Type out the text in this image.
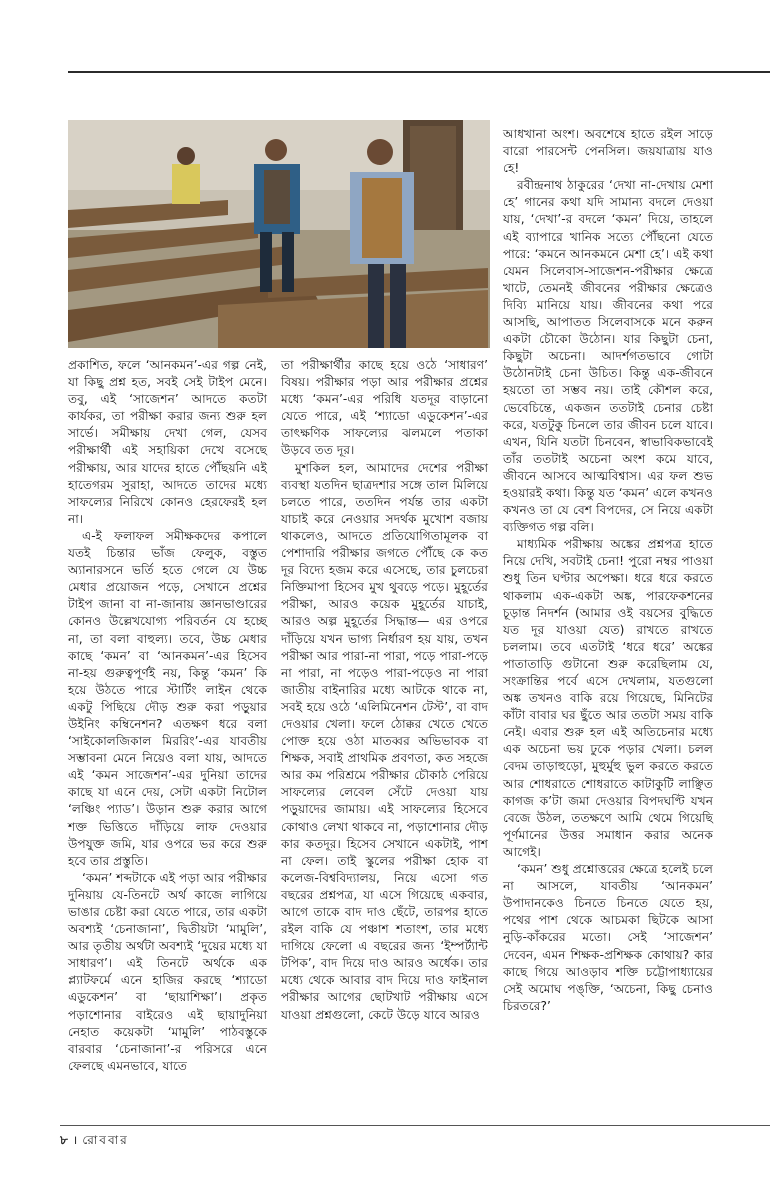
প্রকাশিত, ফলে ‘আনকমন’-এর গল্প নেই, যা কিছু প্রশ্ন হত, সবই সেই টাইপ মেনে। তবু, এই ‘সাজেশন’ আদতে কতটা কার্যকর, তা পরীক্ষা করার জন্য শুরু হল সার্ভে। সমীক্ষায় দেখা গেল, যেসব পরীক্ষার্থী এই সহায়িকা দেখে বসেছে পরীক্ষায়, আর যাদের হাতে পৌঁছয়নি এই হাতেগরম সুরাহা, আদতে তাদের মধ্যে সাফল্যের নিরিখে কোনও হেরফেরই হল না।

এ-ই ফলাফল সমীক্ষকদের কপালে যতই চিন্তার ভাঁজ ফেলুক, বস্তুত অ্যানারসনে ভর্তি হতে গেলে যে উচ্চ মেধার প্রয়োজন পড়ে, সেখানে প্রশ্নের টাইপ জানা বা না-জানায় জ্ঞানভাণ্ডারের কোনও উল্লেখযোগ্য পরিবর্তন যে হচ্ছে না, তা বলা বাহুল্য। তবে, উচ্চ মেধার কাছে ‘কমন’ বা ‘আনকমন’-এর হিসেব না-হয় গুরুত্বপূর্ণই নয়, কিন্তু ‘কমন’ কি হয়ে উঠতে পারে স্টার্টিং লাইন থেকে একটু পিছিয়ে দৌড় শুরু করা পড়ুয়ার উইনিং কম্বিনেশন? এতক্ষণ ধরে বলা ‘সাইকোলজিকাল মিররিং’-এর যাবতীয় সম্ভাবনা মেনে নিয়েও বলা যায়, আদতে এই ‘কমন সাজেশন’-এর দুনিয়া তাদের কাছে যা এনে দেয়, সেটা একটা নিটোল ‘লঞ্চিং প্যাড’। উড়ান শুরু করার আগে শক্ত ভিত্তিতে দাঁড়িয়ে লাফ দেওয়ার উপযুক্ত জমি, যার ওপরে ভর করে শুরু হবে তার প্রস্তুতি।

‘কমন’ শব্দটাকে এই পড়া আর পরীক্ষার দুনিয়ায় যে-তিনটে অর্থ কাজে লাগিয়ে ভাঙার চেষ্টা করা যেতে পারে, তার একটা অবশ্যই ‘চেনাজানা’, দ্বিতীয়টা ‘মামুলি’, আর তৃতীয় অর্থটা অবশ্যই ‘দুয়ের মধ্যে যা সাধারণ’। এই তিনটে অর্থকে এক প্ল্যাটফর্মে এনে হাজির করছে ‘শ্যাডো এডুকেশন’ বা ‘ছায়াশিক্ষা’। প্রকৃত পড়াশোনার বাইরেও এই ছায়াদুনিয়া নেহাত কয়েকটা ‘মামুলি’ পাঠবস্তুকে বারবার ‘চেনাজানা’-র পরিসরে এনে ফেলছে এমনভাবে, যাতে

তা পরীক্ষার্থীর কাছে হয়ে ওঠে ‘সাধারণ’ বিষয়। পরীক্ষার পড়া আর পরীক্ষার প্রশ্নের মধ্যে ‘কমন’-এর পরিধি যতদূর বাড়ানো যেতে পারে, এই ‘শ্যাডো এডুকেশন’-এর তাৎক্ষণিক সাফল্যের ঝলমলে পতাকা উড়বে তত দূর।

মুশকিল হল, আমাদের দেশের পরীক্ষা ব্যবস্থা যতদিন ছাত্রদশার সঙ্গে তাল মিলিয়ে চলতে পারে, ততদিন পর্যন্ত তার একটা যাচাই করে নেওয়ার সদর্থক মুখোশ বজায় থাকলেও, আদতে প্রতিযোগিতামূলক বা পেশাদারি পরীক্ষার জগতে পৌঁছে কে কত দূর বিদ্যে হজম করে এসেছে, তার চুলচেরা নিক্তিমাপা হিসেব মুখ থুবড়ে পড়ে। মুহূর্তের পরীক্ষা, আরও কয়েক মুহূর্তের যাচাই, আরও অল্প মুহূর্তের সিদ্ধান্ত— এর ওপরে দাঁড়িয়ে যখন ভাগ্য নির্ধারণ হয় যায়, তখন পরীক্ষা আর পারা-না পারা, পড়ে পারা-পড়ে না পারা, না পড়েও পারা-পড়েও না পারা জাতীয় বাইনারির মধ্যে আটকে থাকে না, সবই হয়ে ওঠে ‘এলিমিনেশন টেস্ট’, বা বাদ দেওয়ার খেলা। ফলে ঠোক্কর খেতে খেতে পোক্ত হয়ে ওঠা মাতব্বর অভিভাবক বা শিক্ষক, সবাই প্রাথমিক প্রবণতা, কত সহজে আর কম পরিশ্রমে পরীক্ষার চৌকাঠ পেরিয়ে সাফল্যের লেবেল সেঁটে দেওয়া যায় পড়ুয়াদের জামায়। এই সাফল্যের হিসেবে কোথাও লেখা থাকবে না, পড়াশোনার দৌড় কার কতদূর। হিসেব সেখানে একটাই, পাশ না ফেল। তাই স্কুলের পরীক্ষা হোক বা কলেজ-বিশ্ববিদ্যালয়, নিয়ে এসো গত বছরের প্রশ্নপত্র, যা এসে গিয়েছে একবার, আগে তাকে বাদ দাও ছেঁটে, তারপর হাতে রইল বাকি যে পঞ্চাশ শতাংশ, তার মধ্যে দাগিয়ে ফেলো এ বছরের জন্য ‘ইম্পর্ট্যান্ট টপিক’, বাদ দিয়ে দাও আরও অর্ধেক। তার মধ্যে থেকে আবার বাদ দিয়ে দাও ফাইনাল পরীক্ষার আগের ছোটখাট পরীক্ষায় এসে যাওয়া প্রশ্নগুলো, কেটে উড়ে যাবে আরও

আধখানা অংশ। অবশেষে হাতে রইল সাড়ে বারো পারসেন্ট পেনসিল। জয়যাত্রায় যাও হে!

রবীন্দ্রনাথ ঠাকুরের ‘দেখা না-দেখায় মেশা হে’ গানের কথা যদি সামান্য বদলে দেওয়া যায়, ‘দেখা’-র বদলে ‘কমন’ দিয়ে, তাহলে এই ব্যাপারে খানিক সত্যে পৌঁছনো যেতে পারে: ‘কমনে আনকমনে মেশা হে’। এই কথা যেমন সিলেবাস-সাজেশন-পরীক্ষার ক্ষেত্রে খাটে, তেমনই জীবনের পরীক্ষার ক্ষেত্রেও দিব্যি মানিয়ে যায়। জীবনের কথা পরে আসছি, আপাতত সিলেবাসকে মনে করুন একটা চৌকো উঠোন। যার কিছুটা চেনা, কিছুটা অচেনা। আদর্শগতভাবে গোটা উঠোনটাই চেনা উচিত। কিন্তু এক-জীবনে হয়তো তা সম্ভব নয়। তাই কৌশল করে, ভেবেচিন্তে, একজন ততটাই চেনার চেষ্টা করে, যতটুকু চিনলে তার জীবন চলে যাবে। এখন, যিনি যতটা চিনবেন, স্বাভাবিকভাবেই তাঁর ততটাই অচেনা অংশ কমে যাবে, জীবনে আসবে আত্মবিশ্বাস। এর ফল শুভ হওয়ারই কথা। কিন্তু যত ‘কমন’ এলে কখনও কখনও তা যে বেশ বিপদের, সে নিয়ে একটা ব্যক্তিগত গল্প বলি।

মাধ্যমিক পরীক্ষায় অঙ্কের প্রশ্নপত্র হাতে নিয়ে দেখি, সবটাই চেনা! পুরো নম্বর পাওয়া শুধু তিন ঘণ্টার অপেক্ষা। ধরে ধরে করতে থাকলাম এক-একটা অঙ্ক, পারফেকশনের চূড়ান্ত নিদর্শন (আমার ওই বয়সের বুদ্ধিতে যত দূর যাওয়া যেত) রাখতে রাখতে চললাম। তবে এতটাই ‘ধরে ধরে’ অঙ্কের পাতাতাড়ি গুটানো শুরু করেছিলাম যে, সংক্রান্তির পর্বে এসে দেখলাম, যতগুলো অঙ্ক তখনও বাকি রয়ে গিয়েছে, মিনিটের কাঁটা বাবার ঘর ছুঁতে আর ততটা সময় বাকি নেই। এবার শুরু হল এই অতিচেনার মধ্যে এক অচেনা ভয় ঢুকে পড়ার খেলা। চলল বেদম তাড়াহুড়ো, মুহুর্মুহু ভুল করতে করতে আর শোধরাতে শোধরাতে কাটাকুটি লাঞ্ছিত কাগজ ক’টা জমা দেওয়ার বিপদঘণ্টি যখন বেজে উঠল, ততক্ষণে আমি থেমে গিয়েছি পূর্ণমানের উত্তর সমাধান করার অনেক আগেই।

‘কমন’ শুধু প্রশ্নোত্তরের ক্ষেত্রে হলেই চলে না আসলে, যাবতীয় ‘আনকমন’ উপাদানকেও চিনতে চিনতে যেতে হয়, পথের পাশ থেকে আচমকা ছিটকে আসা নুড়ি-কাঁকরের মতো। সেই ‘সাজেশন’ দেবেন, এমন শিক্ষক-প্রশিক্ষক কোথায়? কার কাছে গিয়ে আওড়াব শক্তি চট্টোপাধ্যায়ের সেই অমোঘ পঙ্‌ক্তি, ‘অচেনা, কিছু চেনাও চিরতরে?’

৮ । রোববার
